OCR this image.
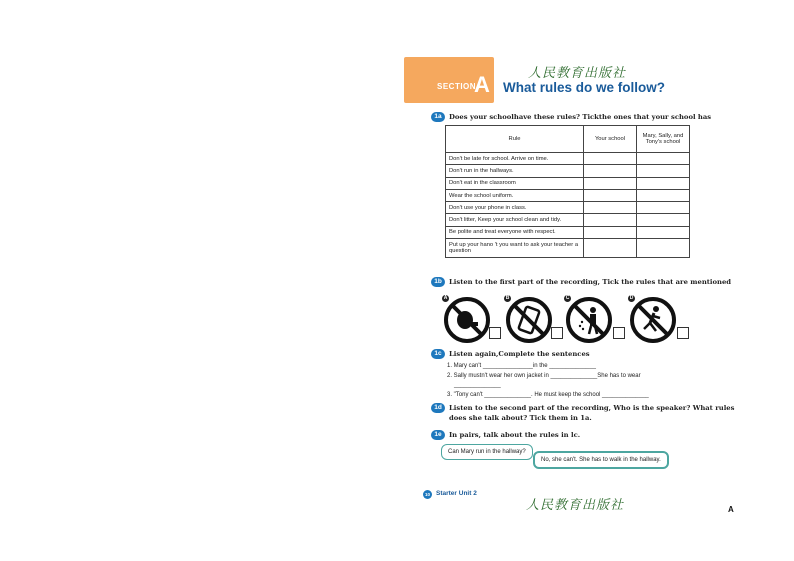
人民教育出版社
SECTION
A What rules do we follow?
1a	Does your schoolhave these rules? Tickthe ones that your school has
Rule	Your school	Mary, Sally, and Tony's school
Don't be late for school. Arrive on time.		
Don't run in the hallways.		
Don't eat in the classroom		
Wear the school uniform.		
Don't use your phone in class.		
Don't litter, Keep your school clean and tidy.		
Be polite and treat everyone with respect.		
Put up your hano 't you want to ask your teacher a question		
1b	Listen to the first part of the recording, Tick the rules that are mentioned
A	B	C	D
1c	Listen again,Complete the sentences
1. Mary can't _______________in the ______________
2. Sally mustn't wear her own jacket in ______________She has to wear
______________
3. "Tony can't ______________. He must keep the school ______________
1d	Listen to the second part of the recording, Who is the speaker? What rules
does she talk about? Tick them in 1a.
1e	In pairs, talk about the rules in lc.
Can Mary run in the hallway?
No, she can't. She has to walk in the hallway.
10 Starter Unit 2
人民教育出版社	A
